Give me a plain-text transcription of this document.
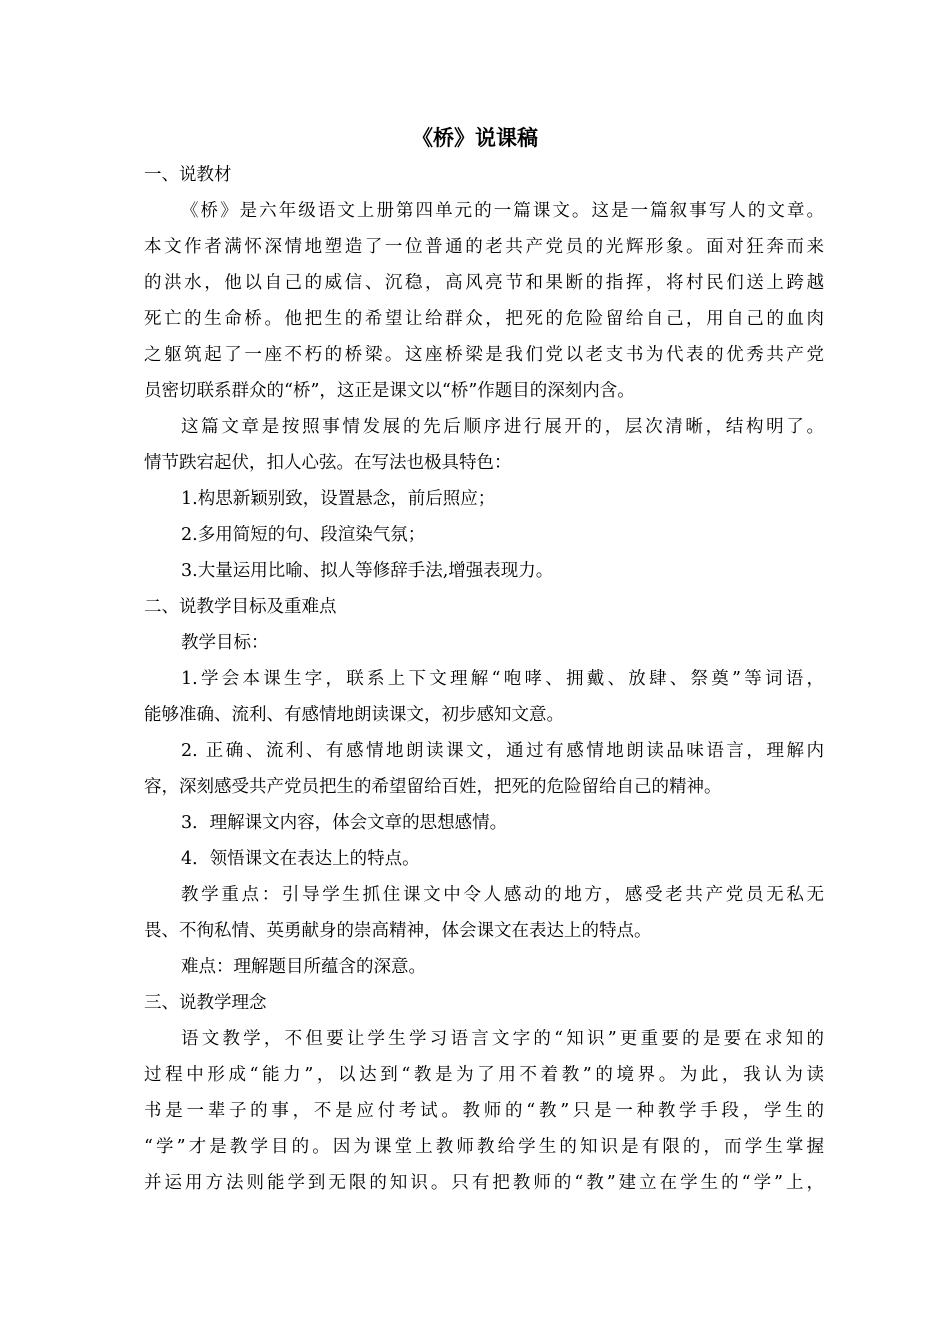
《桥》说课稿
一、说教材
《桥》是六年级语文上册第四单元的一篇课文。这是一篇叙事写人的文章。
本文作者满怀深情地塑造了一位普通的老共产党员的光辉形象。面对狂奔而来
的洪水，他以自己的威信、沉稳，高风亮节和果断的指挥，将村民们送上跨越
死亡的生命桥。他把生的希望让给群众，把死的危险留给自己，用自己的血肉
之躯筑起了一座不朽的桥梁。这座桥梁是我们党以老支书为代表的优秀共产党
员密切联系群众的“桥”，这正是课文以“桥”作题目的深刻内含。
这篇文章是按照事情发展的先后顺序进行展开的，层次清晰，结构明了。
情节跌宕起伏，扣人心弦。在写法也极具特色：
1.构思新颖别致，设置悬念，前后照应；
2.多用简短的句、段渲染气氛；
3.大量运用比喻、拟人等修辞手法,增强表现力。
二、说教学目标及重难点
教学目标：
1.学会本课生字，联系上下文理解“咆哮、拥戴、放肆、祭奠”等词语，
能够准确、流利、有感情地朗读课文，初步感知文意。
2. 正确、流利、有感情地朗读课文，通过有感情地朗读品味语言，理解内
容，深刻感受共产党员把生的希望留给百姓，把死的危险留给自己的精神。
3．理解课文内容，体会文章的思想感情。
4．领悟课文在表达上的特点。
教学重点：引导学生抓住课文中令人感动的地方，感受老共产党员无私无
畏、不徇私情、英勇献身的崇高精神，体会课文在表达上的特点。
难点：理解题目所蕴含的深意。
三、说教学理念
语文教学，不但要让学生学习语言文字的“知识”更重要的是要在求知的
过程中形成“能力”，以达到“教是为了用不着教”的境界。为此，我认为读
书是一辈子的事，不是应付考试。教师的“教”只是一种教学手段，学生的
“学”才是教学目的。因为课堂上教师教给学生的知识是有限的，而学生掌握
并运用方法则能学到无限的知识。只有把教师的“教”建立在学生的“学”上，
